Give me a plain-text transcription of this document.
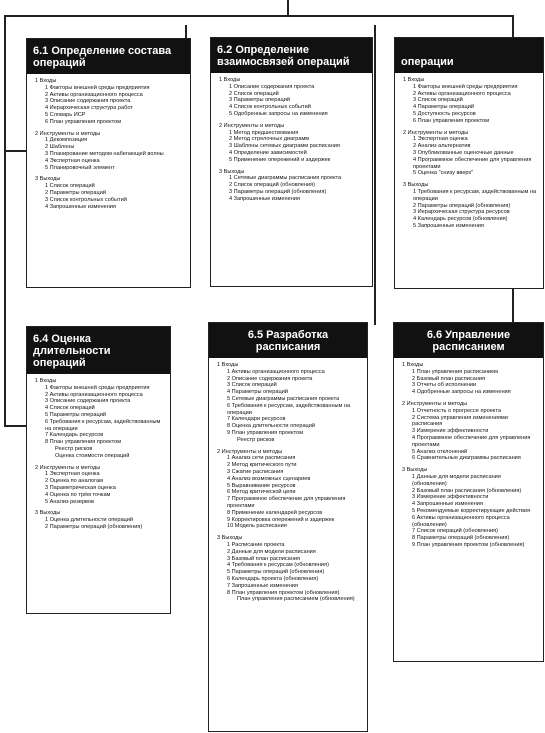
6.1 Определение состава операций
1 Входы
1 Факторы внешней среды предприятия
2 Активы организационного процесса
3 Описание содержания проекта
4 Иерархическая структура работ
5 Словарь ИСР
6 План управления проектом
2 Инструменты и методы
1 Декомпозиция
2 Шаблоны
3 Планирование методом набегающей волны
4 Экспертная оценка
5 Планировочный элемент
3 Выходы
1 Список операций
2 Параметры операций
3 Список контрольных событий
4 Запрошенные изменения
6.2 Определение взаимосвязей операций
1 Входы
1 Описание содержания проекта
2 Список операций
3 Параметры операций
4 Список контрольных событий
5 Одобренные запросы на изменения
2 Инструменты и методы
1 Метод предшествования
2 Метод стрелочных диаграмм
3 Шаблоны сетевых диаграмм расписания
4 Определение зависимостей
5 Применение опережений и задержек
3 Выходы
1 Сетевые диаграммы расписания проекта
2 Список операций (обновления)
3 Параметры операций (обновления)
4 Запрошенные изменения
операции
1 Входы
1 Факторы внешней среды предприятия
2 Активы организационного процесса
3 Список операций
4 Параметры операций
5 Доступность ресурсов
6 План управления проектом
2 Инструменты и методы
1 Экспертная оценка
2 Анализ альтернатив
3 Опубликованные оценочные данные
4 Программное обеспечение для управления проектами
5 Оценка "снизу вверх"
3 Выходы
1 Требования к ресурсам, задействованным на операции
2 Параметры операций (обновления)
3 Иерархическая структура ресурсов
4 Календарь ресурсов (обновления)
5 Запрошенные изменения
6.4 Оценка длительности операций
1 Входы
1 Факторы внешней среды предприятия
2 Активы организационного процесса
3 Описание содержания проекта
4 Список операций
5 Параметры операций
6 Требования к ресурсам, задействованным на операции
7 Календарь ресурсов
8 План управления проектом
Реестр рисков
Оценка стоимости операций
2 Инструменты и методы
1 Экспертная оценка
2 Оценка по аналогам
3 Параметрическая оценка
4 Оценка по трём точкам
5 Анализ резервов
3 Выходы
1 Оценка длительности операций
2 Параметры операций (обновления)
6.5 Разработка расписания
1 Входы
1 Активы организационного процесса
2 Описание содержания проекта
3 Список операций
4 Параметры операций
5 Сетевые диаграммы расписания проекта
6 Требования к ресурсам, задействованным на операции
7 Календари ресурсов
8 Оценка длительности операций
9 План управления проектом
Реестр рисков
2 Инструменты и методы
1 Анализ сети расписания
2 Метод критического пути
3 Сжатие расписания
4 Анализ возможных сценариев
5 Выравнивание ресурсов
6 Метод критической цепи
7 Программное обеспечение для управления проектами
8 Применение календарей ресурсов
9 Корректировка опережений и задержек
10 Модель расписания
3 Выходы
1 Расписание проекта
2 Данные для модели расписания
3 Базовый план расписания
4 Требования к ресурсам (обновления)
5 Параметры операций (обновления)
6 Календарь проекта (обновления)
7 Запрошенные изменения
8 План управления проектом (обновления)
План управления расписанием (обновления)
6.6 Управление расписанием
1 Входы
1 План управления расписанием
2 Базовый план расписания
3 Отчеты об исполнении
4 Одобренные запросы на изменения
2 Инструменты и методы
1 Отчетность о прогрессе проекта
2 Система управления изменениями расписания
3 Измерение эффективности
4 Программное обеспечение для управления проектами
5 Анализ отклонений
6 Сравнительные диаграммы расписания
3 Выходы
1 Данные для модели расписания (обновления)
2 Базовый план расписания (обновления)
3 Измерение эффективности
4 Запрошенные изменения
5 Рекомендуемые корректирующие действия
6 Активы организационного процесса (обновления)
7 Список операций (обновления)
8 Параметры операций (обновления)
9 План управления проектом (обновления)
